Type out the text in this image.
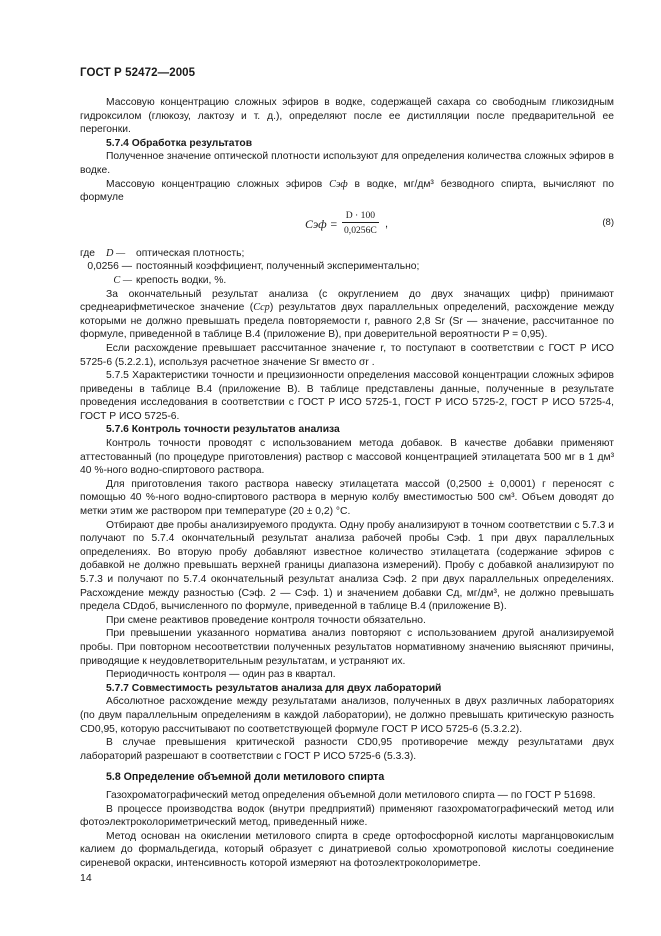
ГОСТ Р 52472—2005

Массовую концентрацию сложных эфиров в водке, содержащей сахара со свободным гликозидным гидроксилом (глюкозу, лактозу и т. д.), определяют после ее дистилляции после предварительной ее перегонки.

5.7.4 Обработка результатов

Полученное значение оптической плотности используют для определения количества сложных эфиров в водке.

Массовую концентрацию сложных эфиров Cэф в водке, мг/дм³ безводного спирта, вычисляют по формуле

Cэф = $\frac{D \cdot 100}{0,0256C}$ ,	(8)
где	D —	оптическая плотность;
0,0256 — постоянный коэффициент, полученный экспериментально;
C — крепость водки, %.

За окончательный результат анализа (с округлением до двух значащих цифр) принимают среднеарифметическое значение (Cср) результатов двух параллельных определений, расхождение между которыми не должно превышать предела повторяемости r, равного 2,8 Sr (Sr — значение, рассчитанное по формуле, приведенной в таблице В.4 (приложение В), при доверительной вероятности P = 0,95).

Если расхождение превышает рассчитанное значение r, то поступают в соответствии с ГОСТ Р ИСО 5725-6 (5.2.2.1), используя расчетное значение Sr вместо σr .

5.7.5 Характеристики точности и прецизионности определения массовой концентрации сложных эфиров приведены в таблице В.4 (приложение В). В таблице представлены данные, полученные в результате проведения исследования в соответствии с ГОСТ Р ИСО 5725-1, ГОСТ Р ИСО 5725-2, ГОСТ Р ИСО 5725-4, ГОСТ Р ИСО 5725-6.

5.7.6 Контроль точности результатов анализа

Контроль точности проводят с использованием метода добавок. В качестве добавки применяют аттестованный (по процедуре приготовления) раствор с массовой концентрацией этилацетата 500 мг в 1 дм³ 40 %-ного водно-спиртового раствора.

Для приготовления такого раствора навеску этилацетата массой (0,2500 ± 0,0001) г переносят с помощью 40 %-ного водно-спиртового раствора в мерную колбу вместимостью 500 см³. Объем доводят до метки этим же раствором при температуре (20 ± 0,2) °С.

Отбирают две пробы анализируемого продукта. Одну пробу анализируют в точном соответствии с 5.7.3 и получают по 5.7.4 окончательный результат анализа рабочей пробы Cэф. 1 при двух параллельных определениях. Во вторую пробу добавляют известное количество этилацетата (содержание эфиров с добавкой не должно превышать верхней границы диапазона измерений). Пробу с добавкой анализируют по 5.7.3 и получают по 5.7.4 окончательный результат анализа Cэф. 2 при двух параллельных определениях. Расхождение между разностью (Cэф. 2 — Cэф. 1) и значением добавки Cд, мг/дм³, не должно превышать предела CDдоб, вычисленного по формуле, приведенной в таблице В.4 (приложение В).

При смене реактивов проведение контроля точности обязательно.

При превышении указанного норматива анализ повторяют с использованием другой анализируемой пробы. При повторном несоответствии полученных результатов нормативному значению выясняют причины, приводящие к неудовлетворительным результатам, и устраняют их.

Периодичность контроля — один раз в квартал.

5.7.7 Совместимость результатов анализа для двух лабораторий

Абсолютное расхождение между результатами анализов, полученных в двух различных лабораториях (по двум параллельным определениям в каждой лаборатории), не должно превышать критическую разность CD0,95, которую рассчитывают по соответствующей формуле ГОСТ Р ИСО 5725-6 (5.3.2.2).

В случае превышения критической разности CD0,95 противоречие между результатами двух лабораторий разрешают в соответствии с ГОСТ Р ИСО 5725-6 (5.3.3).

5.8 Определение объемной доли метилового спирта

Газохроматографический метод определения объемной доли метилового спирта — по ГОСТ Р 51698.

В процессе производства водок (внутри предприятий) применяют газохроматографический метод или фотоэлектроколориметрический метод, приведенный ниже.

Метод основан на окислении метилового спирта в среде ортофосфорной кислоты марганцовокислым калием до формальдегида, который образует с динатриевой солью хромотроповой кислоты соединение сиреневой окраски, интенсивность которой измеряют на фотоэлектроколориметре.

14
